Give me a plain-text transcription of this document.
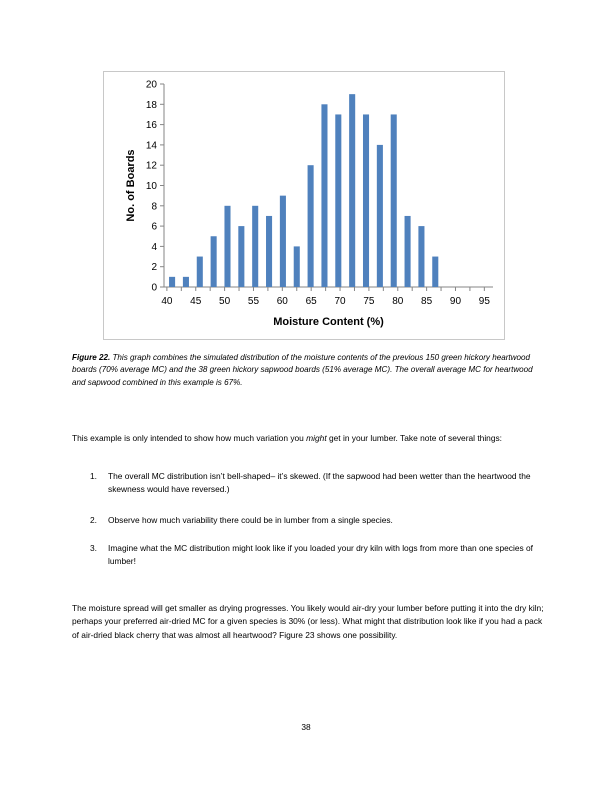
0
2
4
6
8
10
12
14
16
18
20
40 45 50 55 60 65 70 75 80 85 90 95
Moisture Content (%)
No. of Boards

Figure 22. This graph combines the simulated distribution of the moisture contents of the previous 150 green hickory heartwood boards (70% average MC) and the 38 green hickory sapwood boards (51% average MC). The overall average MC for heartwood and sapwood combined in this example is 67%.

This example is only intended to show how much variation you might get in your lumber. Take note of several things:

1. The overall MC distribution isn’t bell-shaped– it’s skewed. (If the sapwood had been wetter than the heartwood the skewness would have reversed.)
2. Observe how much variability there could be in lumber from a single species.
3. Imagine what the MC distribution might look like if you loaded your dry kiln with logs from more than one species of lumber!

The moisture spread will get smaller as drying progresses. You likely would air-dry your lumber before putting it into the dry kiln; perhaps your preferred air-dried MC for a given species is 30% (or less). What might that distribution look like if you had a pack of air-dried black cherry that was almost all heartwood? Figure 23 shows one possibility.

38
